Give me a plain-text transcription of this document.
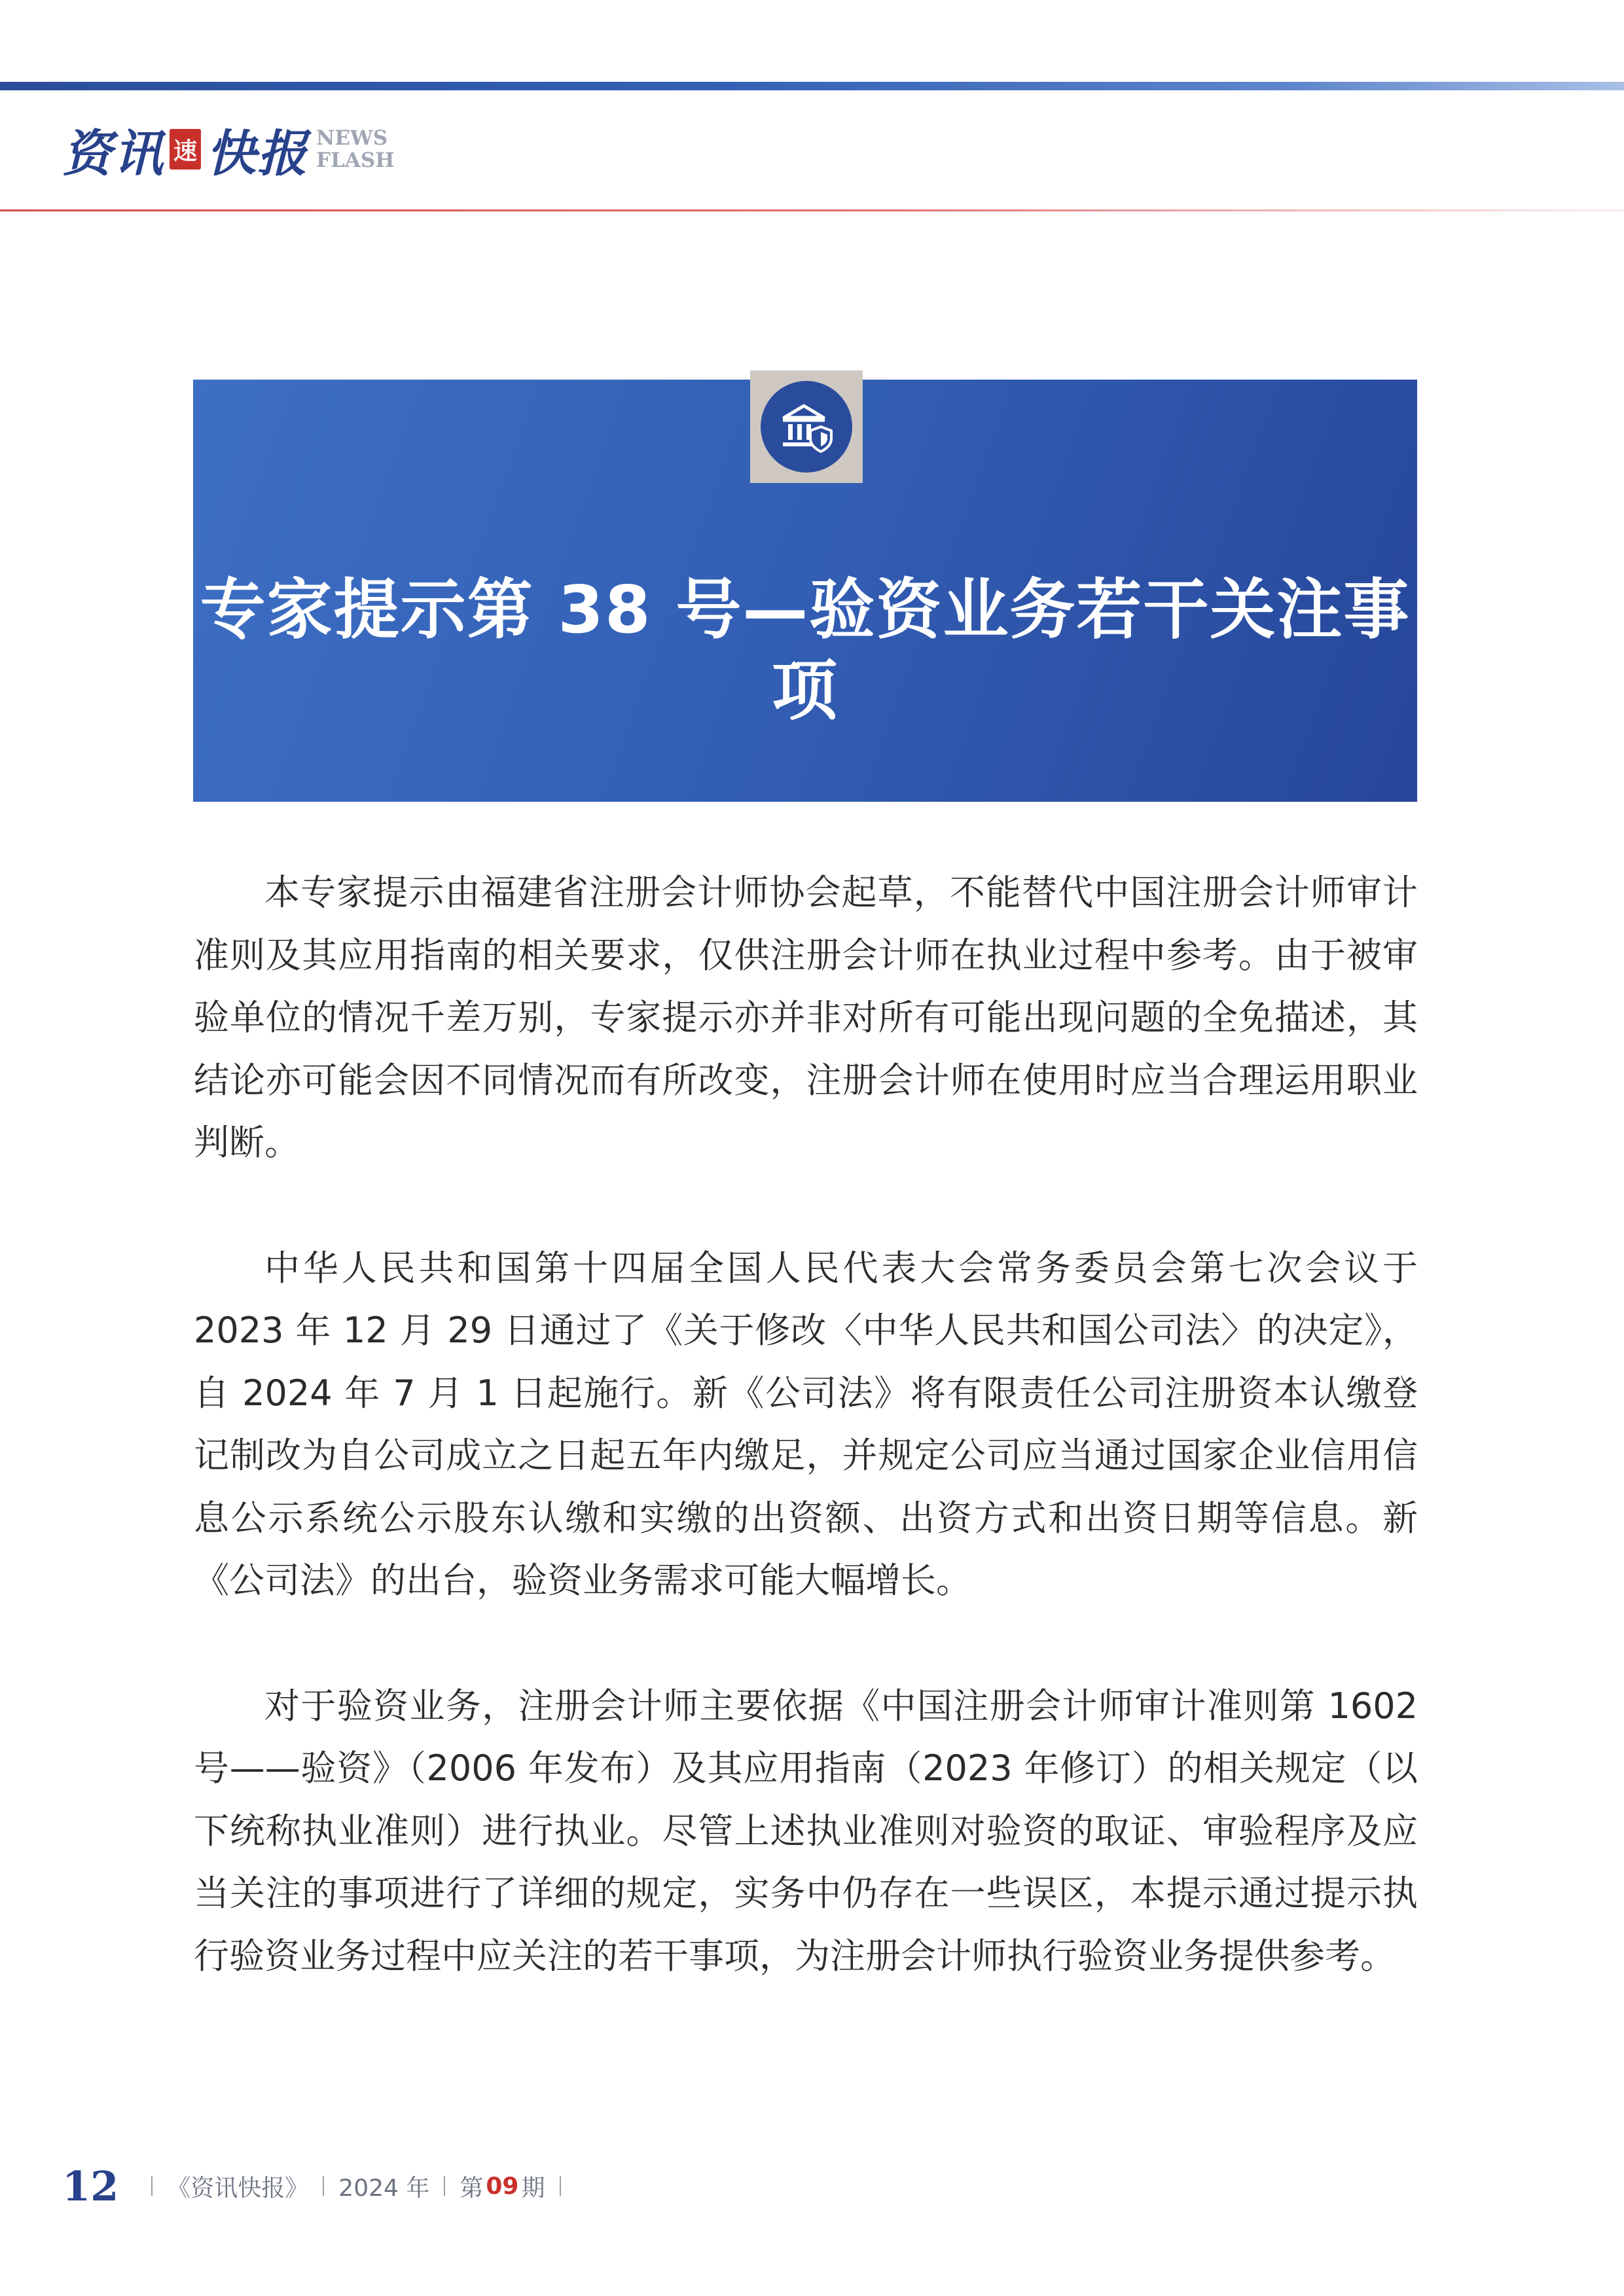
资讯 速 快报 NEWS
FLASH
专家提示第 38 号—验资业务若干关注事项

本专家提示由福建省注册会计师协会起草，不能替代中国注册会计师审计准则及其应用指南的相关要求，仅供注册会计师在执业过程中参考。由于被审验单位的情况千差万别，专家提示亦并非对所有可能出现问题的全免描述，其结论亦可能会因不同情况而有所改变，注册会计师在使用时应当合理运用职业判断。

中华人民共和国第十四届全国人民代表大会常务委员会第七次会议于 2023 年 12 月 29 日通过了《关于修改〈中华人民共和国公司法〉的决定》，自 2024 年 7 月 1 日起施行。新《公司法》将有限责任公司注册资本认缴登记制改为自公司成立之日起五年内缴足，并规定公司应当通过国家企业信用信息公示系统公示股东认缴和实缴的出资额、出资方式和出资日期等信息。新《公司法》的出台，验资业务需求可能大幅增长。

对于验资业务，注册会计师主要依据《中国注册会计师审计准则第 1602 号——验资》（2006 年发布）及其应用指南（2023 年修订）的相关规定（以下统称执业准则）进行执业。尽管上述执业准则对验资的取证、审验程序及应当关注的事项进行了详细的规定，实务中仍存在一些误区，本提示通过提示执行验资业务过程中应关注的若干事项，为注册会计师执行验资业务提供参考。

12 《资讯快报》 2024 年 第 09 期
